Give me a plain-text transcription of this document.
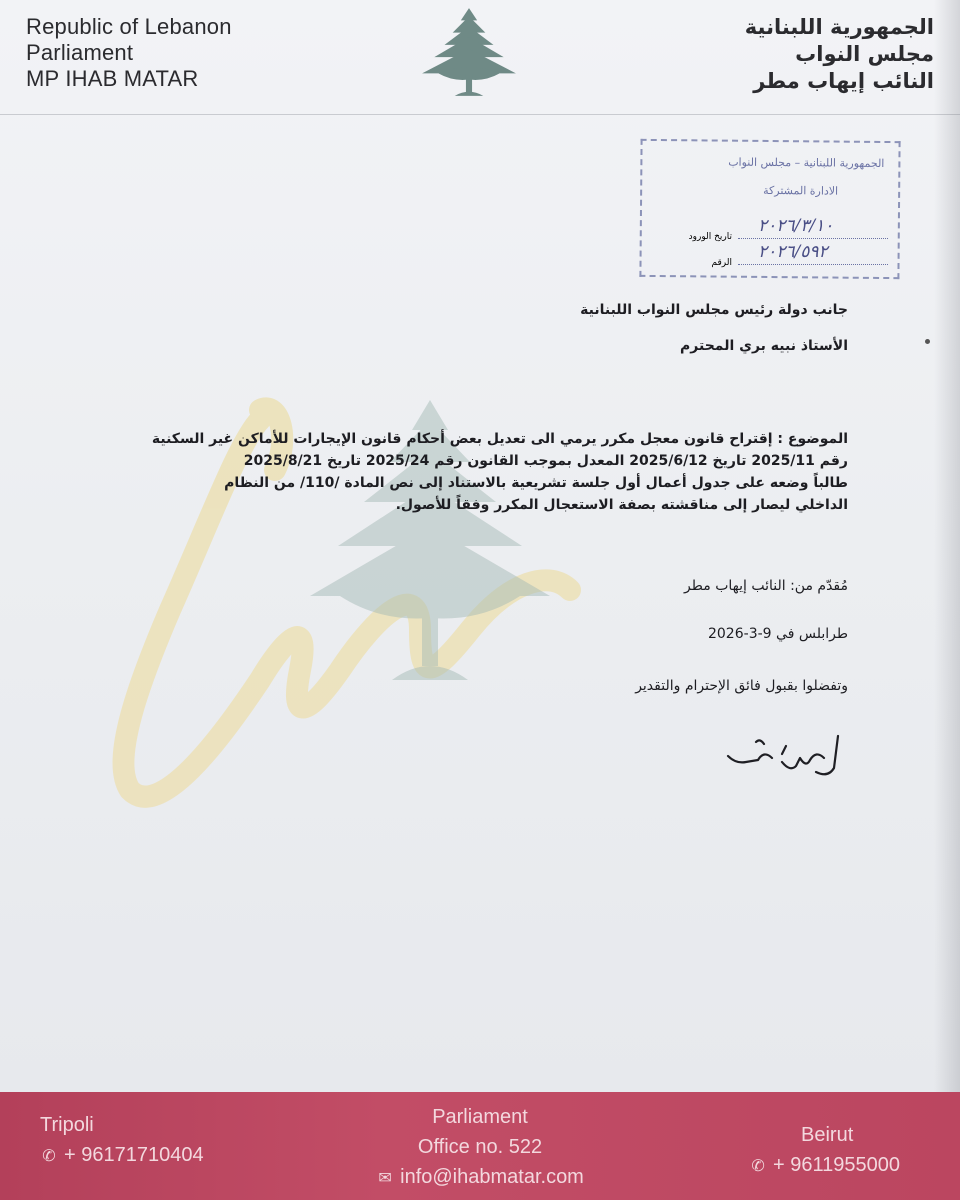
Republic of Lebanon
Parliament
MP IHAB MATAR
الجمهورية اللبنانية
مجلس النواب
النائب إيهاب مطر
الجمهورية اللبنانية – مجلس النواب
الادارة المشتركة
تاريخ الورود
٢٠٢٦/٣/١٠
الرقم
٢٠٢٦/٥٩٢
جانب دولة رئيس مجلس النواب اللبنانية
الأستاذ نبيه بري المحترم
الموضوع : إقتراح قانون معجل مكرر يرمي الى تعديل بعض أحكام قانون الإيجارات للأماكن غير السكنية
رقم 2025/11 تاريخ 2025/6/12 المعدل بموجب القانون رقم 2025/24 تاريخ 2025/8/21
طالباً وضعه على جدول أعمال أول جلسة تشريعية بالاستناد إلى نص المادة /110/ من النظام
الداخلي ليصار إلى مناقشته بصفة الاستعجال المكرر وفقاً للأصول.
مُقدّم من: النائب إيهاب مطر
طرابلس في 9-3-2026
وتفضلوا بقبول فائق الإحترام والتقدير
Tripoli
✆ + 96171710404
Parliament
Office no. 522
✉ info@ihabmatar.com
Beirut
✆ + 9611955000
